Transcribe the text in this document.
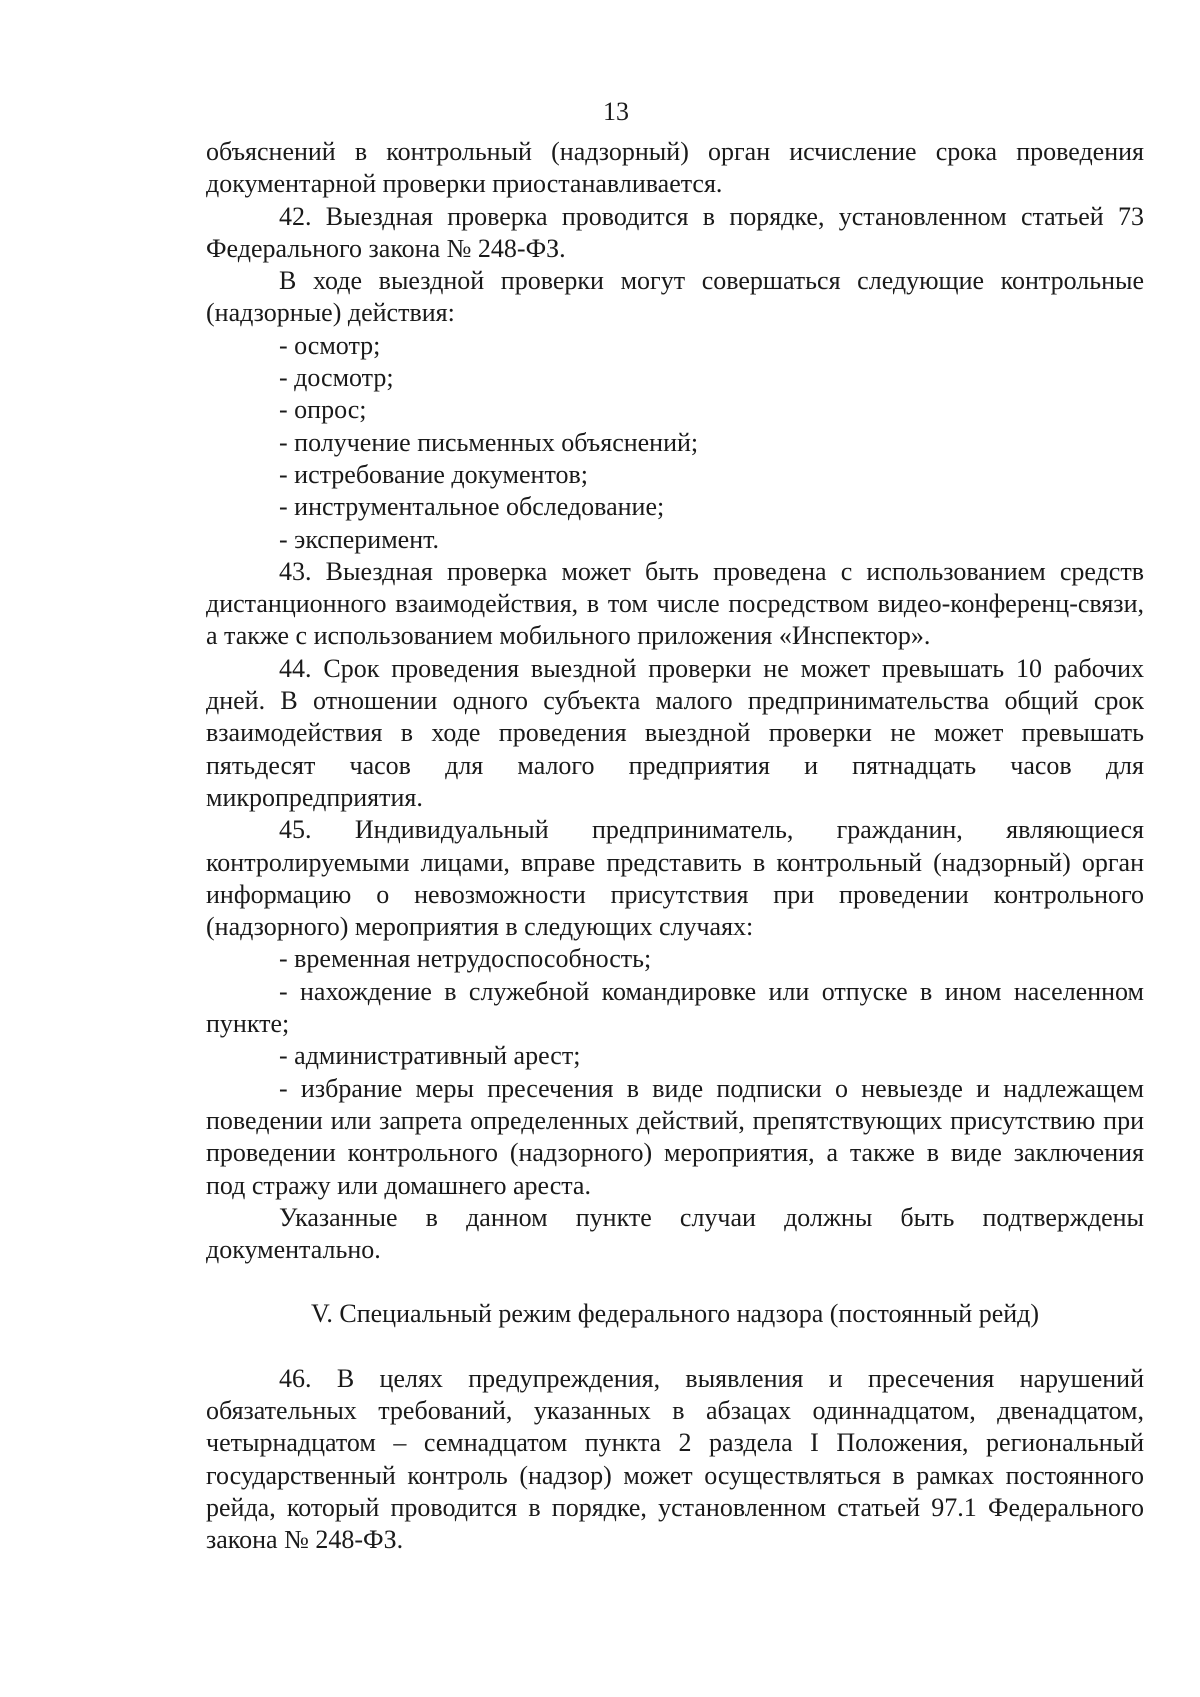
13

объяснений в контрольный (надзорный) орган исчисление срока проведения документарной проверки приостанавливается.

42. Выездная проверка проводится в порядке, установленном статьей 73 Федерального закона № 248-ФЗ.

В ходе выездной проверки могут совершаться следующие контрольные (надзорные) действия:

- осмотр;

- досмотр;

- опрос;

- получение письменных объяснений;

- истребование документов;

- инструментальное обследование;

- эксперимент.

43. Выездная проверка может быть проведена с использованием средств дистанционного взаимодействия, в том числе посредством видео-конференц-связи, а также с использованием мобильного приложения «Инспектор».

44. Срок проведения выездной проверки не может превышать 10 рабочих дней. В отношении одного субъекта малого предпринимательства общий срок взаимодействия в ходе проведения выездной проверки не может превышать пятьдесят часов для малого предприятия и пятнадцать часов для микропредприятия.

45. Индивидуальный предприниматель, гражданин, являющиеся контролируемыми лицами, вправе представить в контрольный (надзорный) орган информацию о невозможности присутствия при проведении контрольного (надзорного) мероприятия в следующих случаях:

- временная нетрудоспособность;

- нахождение в служебной командировке или отпуске в ином населенном пункте;

- административный арест;

- избрание меры пресечения в виде подписки о невыезде и надлежащем поведении или запрета определенных действий, препятствующих присутствию при проведении контрольного (надзорного) мероприятия, а также в виде заключения под стражу или домашнего ареста.

Указанные в данном пункте случаи должны быть подтверждены документально.

V. Специальный режим федерального надзора (постоянный рейд)

46. В целях предупреждения, выявления и пресечения нарушений обязательных требований, указанных в абзацах одиннадцатом, двенадцатом, четырнадцатом – семнадцатом пункта 2 раздела I Положения, региональный государственный контроль (надзор) может осуществляться в рамках постоянного рейда, который проводится в порядке, установленном статьей 97.1 Федерального закона № 248-ФЗ.
